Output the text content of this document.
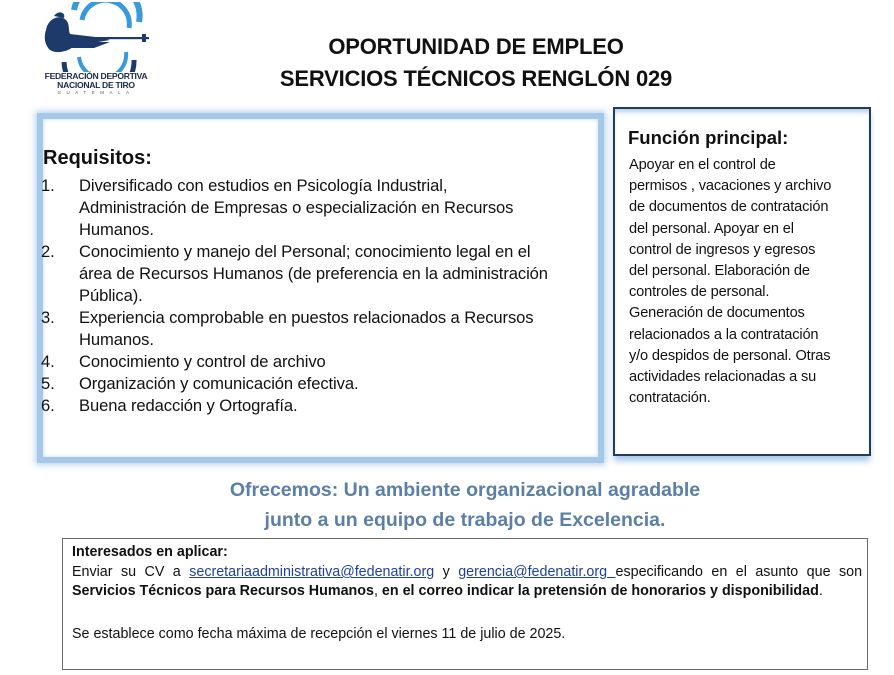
FEDERACIÓN DEPORTIVA
NACIONAL DE TIRO
GUATEMALA
OPORTUNIDAD DE EMPLEO
SERVICIOS TÉCNICOS RENGLÓN 029
Requisitos:
1. Diversificado con estudios en Psicología Industrial,
Administración de Empresas o especialización en Recursos
Humanos.
2. Conocimiento y manejo del Personal; conocimiento legal en el
área de Recursos Humanos (de preferencia en la administración
Pública).
3. Experiencia comprobable en puestos relacionados a Recursos
Humanos.
4. Conocimiento y control de archivo
5. Organización y comunicación efectiva.
6. Buena redacción y Ortografía.
Función principal:
Apoyar en el control de
permisos , vacaciones y archivo
de documentos de contratación
del personal. Apoyar en el
control de ingresos y egresos
del personal. Elaboración de
controles de personal.
Generación de documentos
relacionados a la contratación
y/o despidos de personal. Otras
actividades relacionadas a su
contratación.
Ofrecemos: Un ambiente organizacional agradable
junto a un equipo de trabajo de Excelencia.
Interesados en aplicar:
Enviar su CV a secretariaadministrativa@fedenatir.org y gerencia@fedenatir.org especificando en el asunto que son Servicios Técnicos para Recursos Humanos, en el correo indicar la pretensión de honorarios y disponibilidad.
Se establece como fecha máxima de recepción el viernes 11 de julio de 2025.
